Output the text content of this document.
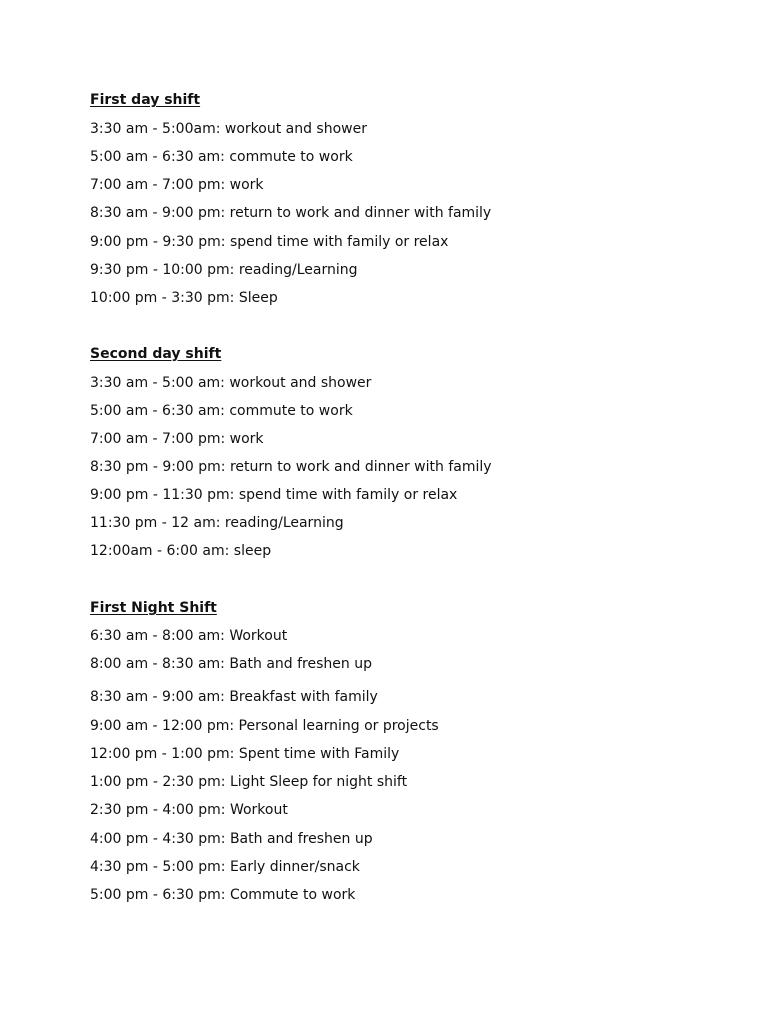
First day shift
3:30 am - 5:00am: workout and shower
5:00 am - 6:30 am: commute to work
7:00 am - 7:00 pm: work
8:30 am - 9:00 pm: return to work and dinner with family
9:00 pm - 9:30 pm: spend time with family or relax
9:30 pm - 10:00 pm: reading/Learning
10:00 pm - 3:30 pm: Sleep
Second day shift
3:30 am - 5:00 am: workout and shower
5:00 am - 6:30 am: commute to work
7:00 am - 7:00 pm: work
8:30 pm - 9:00 pm: return to work and dinner with family
9:00 pm - 11:30 pm: spend time with family or relax
11:30 pm - 12 am: reading/Learning
12:00am - 6:00 am: sleep
First Night Shift
6:30 am - 8:00 am: Workout
8:00 am - 8:30 am: Bath and freshen up
8:30 am - 9:00 am: Breakfast with family
9:00 am - 12:00 pm: Personal learning or projects
12:00 pm - 1:00 pm: Spent time with Family
1:00 pm - 2:30 pm: Light Sleep for night shift
2:30 pm - 4:00 pm: Workout
4:00 pm - 4:30 pm: Bath and freshen up
4:30 pm - 5:00 pm: Early dinner/snack
5:00 pm - 6:30 pm: Commute to work
